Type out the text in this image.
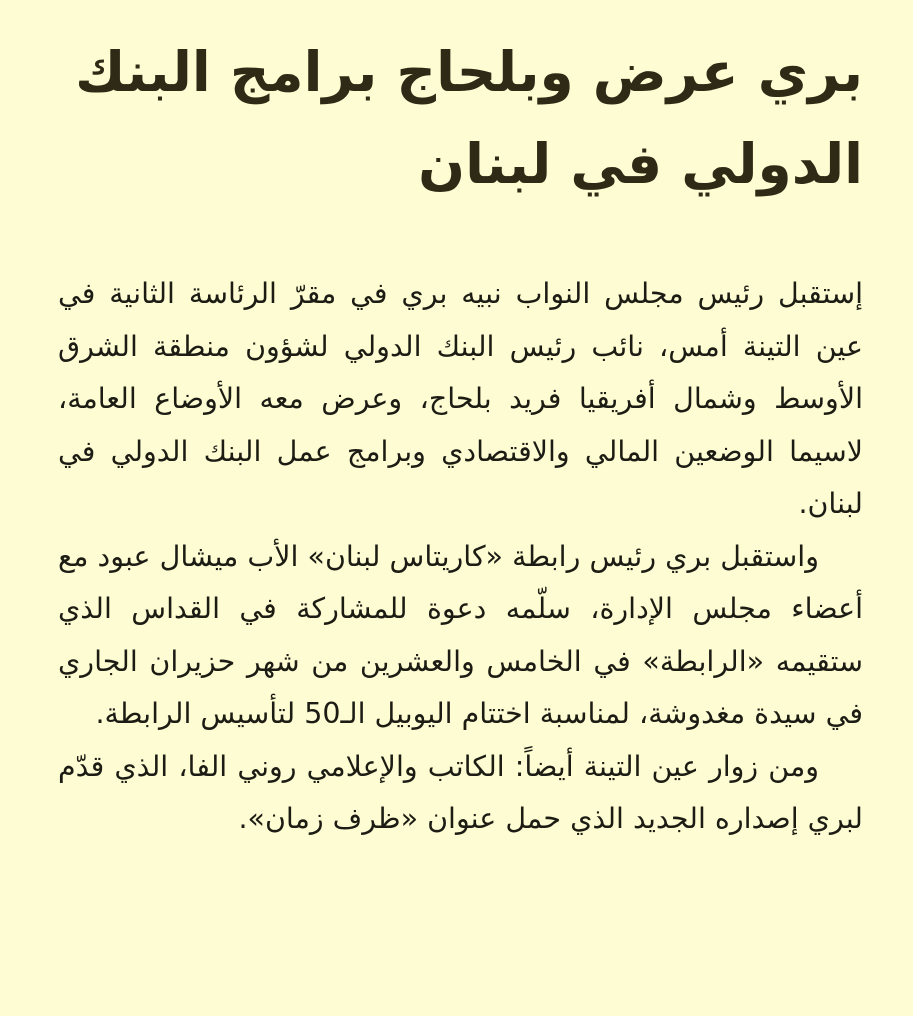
بري عرض وبلحاج برامج البنك
الدولي في لبنان

إستقبل رئيس مجلس النواب نبيه بري في مقرّ الرئاسة الثانية في عين التينة أمس، نائب رئيس البنك الدولي لشؤون منطقة الشرق الأوسط وشمال أفريقيا فريد بلحاج، وعرض معه الأوضاع العامة، لاسيما الوضعين المالي والاقتصادي وبرامج عمل البنك الدولي في لبنان.

واستقبل بري رئيس رابطة «كاريتاس لبنان» الأب ميشال عبود مع أعضاء مجلس الإدارة، سلّمه دعوة للمشاركة في القداس الذي ستقيمه «الرابطة» في الخامس والعشرين من شهر حزيران الجاري في سيدة مغدوشة، لمناسبة اختتام اليوبيل الـ50 لتأسيس الرابطة.

ومن زوار عين التينة أيضاً: الكاتب والإعلامي روني الفا، الذي قدّم لبري إصداره الجديد الذي حمل عنوان «ظرف زمان».
